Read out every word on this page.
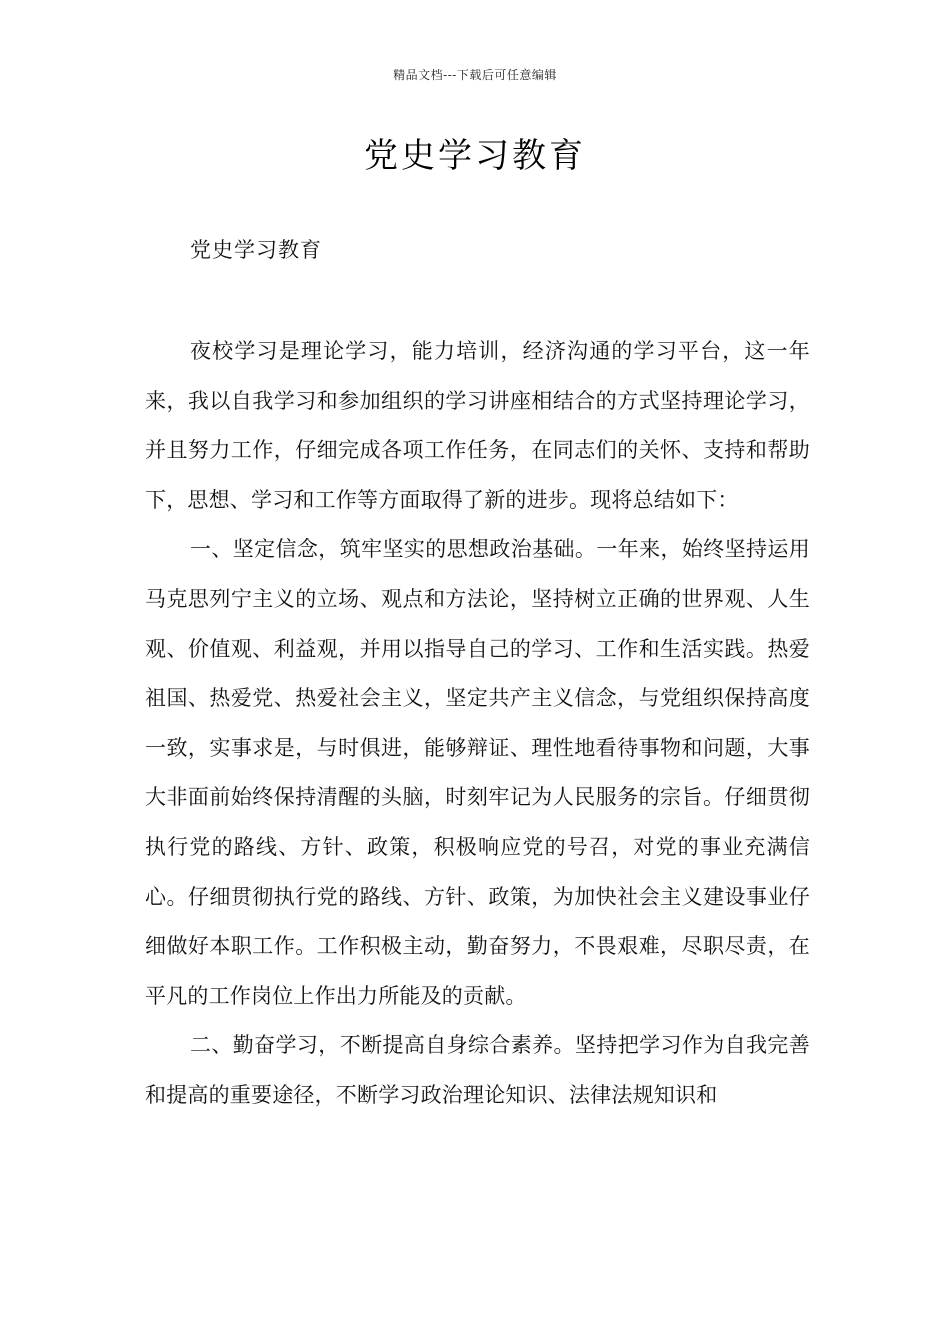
精品文档---下载后可任意编辑
党史学习教育

党史学习教育

夜校学习是理论学习，能力培训，经济沟通的学习平台，这一年来，我以自我学习和参加组织的学习讲座相结合的方式坚持理论学习，并且努力工作，仔细完成各项工作任务，在同志们的关怀、支持和帮助下，思想、学习和工作等方面取得了新的进步。现将总结如下：

一、坚定信念，筑牢坚实的思想政治基础。一年来，始终坚持运用马克思列宁主义的立场、观点和方法论，坚持树立正确的世界观、人生观、价值观、利益观，并用以指导自己的学习、工作和生活实践。热爱祖国、热爱党、热爱社会主义，坚定共产主义信念，与党组织保持高度一致，实事求是，与时俱进，能够辩证、理性地看待事物和问题，大事大非面前始终保持清醒的头脑，时刻牢记为人民服务的宗旨。仔细贯彻执行党的路线、方针、政策，积极响应党的号召，对党的事业充满信心。仔细贯彻执行党的路线、方针、政策，为加快社会主义建设事业仔细做好本职工作。工作积极主动，勤奋努力，不畏艰难，尽职尽责，在平凡的工作岗位上作出力所能及的贡献。

二、勤奋学习，不断提高自身综合素养。坚持把学习作为自我完善和提高的重要途径，不断学习政治理论知识、法律法规知识和
